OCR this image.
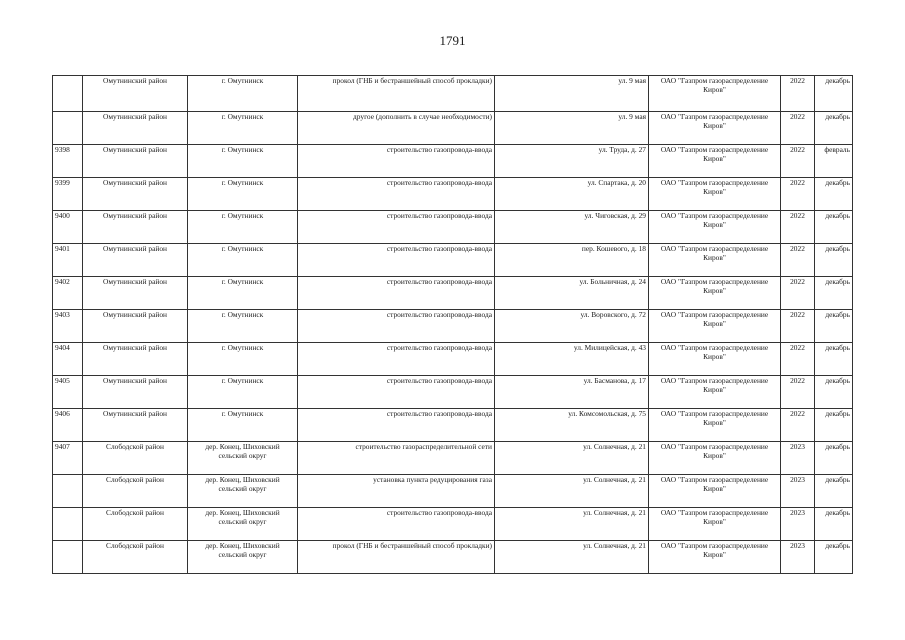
1791
	Омутнинский район	г. Омутнинск	прокол (ГНБ и бестраншейный способ прокладки)	ул. 9 мая	ОАО "Газпром газораспределение
Киров"	2022	декабрь
	Омутнинский район	г. Омутнинск	другое (дополнить в случае необходимости)	ул. 9 мая	ОАО "Газпром газораспределение
Киров"	2022	декабрь
9398	Омутнинский район	г. Омутнинск	строительство газопровода-ввода	ул. Труда, д. 27	ОАО "Газпром газораспределение
Киров"	2022	февраль
9399	Омутнинский район	г. Омутнинск	строительство газопровода-ввода	ул. Спартака, д. 20	ОАО "Газпром газораспределение
Киров"	2022	декабрь
9400	Омутнинский район	г. Омутнинск	строительство газопровода-ввода	ул. Чиговская, д. 29	ОАО "Газпром газораспределение
Киров"	2022	декабрь
9401	Омутнинский район	г. Омутнинск	строительство газопровода-ввода	пер. Кошевого, д. 18	ОАО "Газпром газораспределение
Киров"	2022	декабрь
9402	Омутнинский район	г. Омутнинск	строительство газопровода-ввода	ул. Больничная, д. 24	ОАО "Газпром газораспределение
Киров"	2022	декабрь
9403	Омутнинский район	г. Омутнинск	строительство газопровода-ввода	ул. Воровского, д. 72	ОАО "Газпром газораспределение
Киров"	2022	декабрь
9404	Омутнинский район	г. Омутнинск	строительство газопровода-ввода	ул. Милицейская, д. 43	ОАО "Газпром газораспределение
Киров"	2022	декабрь
9405	Омутнинский район	г. Омутнинск	строительство газопровода-ввода	ул. Басманова, д. 17	ОАО "Газпром газораспределение
Киров"	2022	декабрь
9406	Омутнинский район	г. Омутнинск	строительство газопровода-ввода	ул. Комсомольская, д. 75	ОАО "Газпром газораспределение
Киров"	2022	декабрь
9407	Слободской район	дер. Конец, Шиховский
сельский округ	строительство газораспределительной сети	ул. Солнечная, д. 21	ОАО "Газпром газораспределение
Киров"	2023	декабрь
	Слободской район	дер. Конец, Шиховский
сельский округ	установка пункта редуцирования газа	ул. Солнечная, д. 21	ОАО "Газпром газораспределение
Киров"	2023	декабрь
	Слободской район	дер. Конец, Шиховский
сельский округ	строительство газопровода-ввода	ул. Солнечная, д. 21	ОАО "Газпром газораспределение
Киров"	2023	декабрь
	Слободской район	дер. Конец, Шиховский
сельский округ	прокол (ГНБ и бестраншейный способ прокладки)	ул. Солнечная, д. 21	ОАО "Газпром газораспределение
Киров"	2023	декабрь
